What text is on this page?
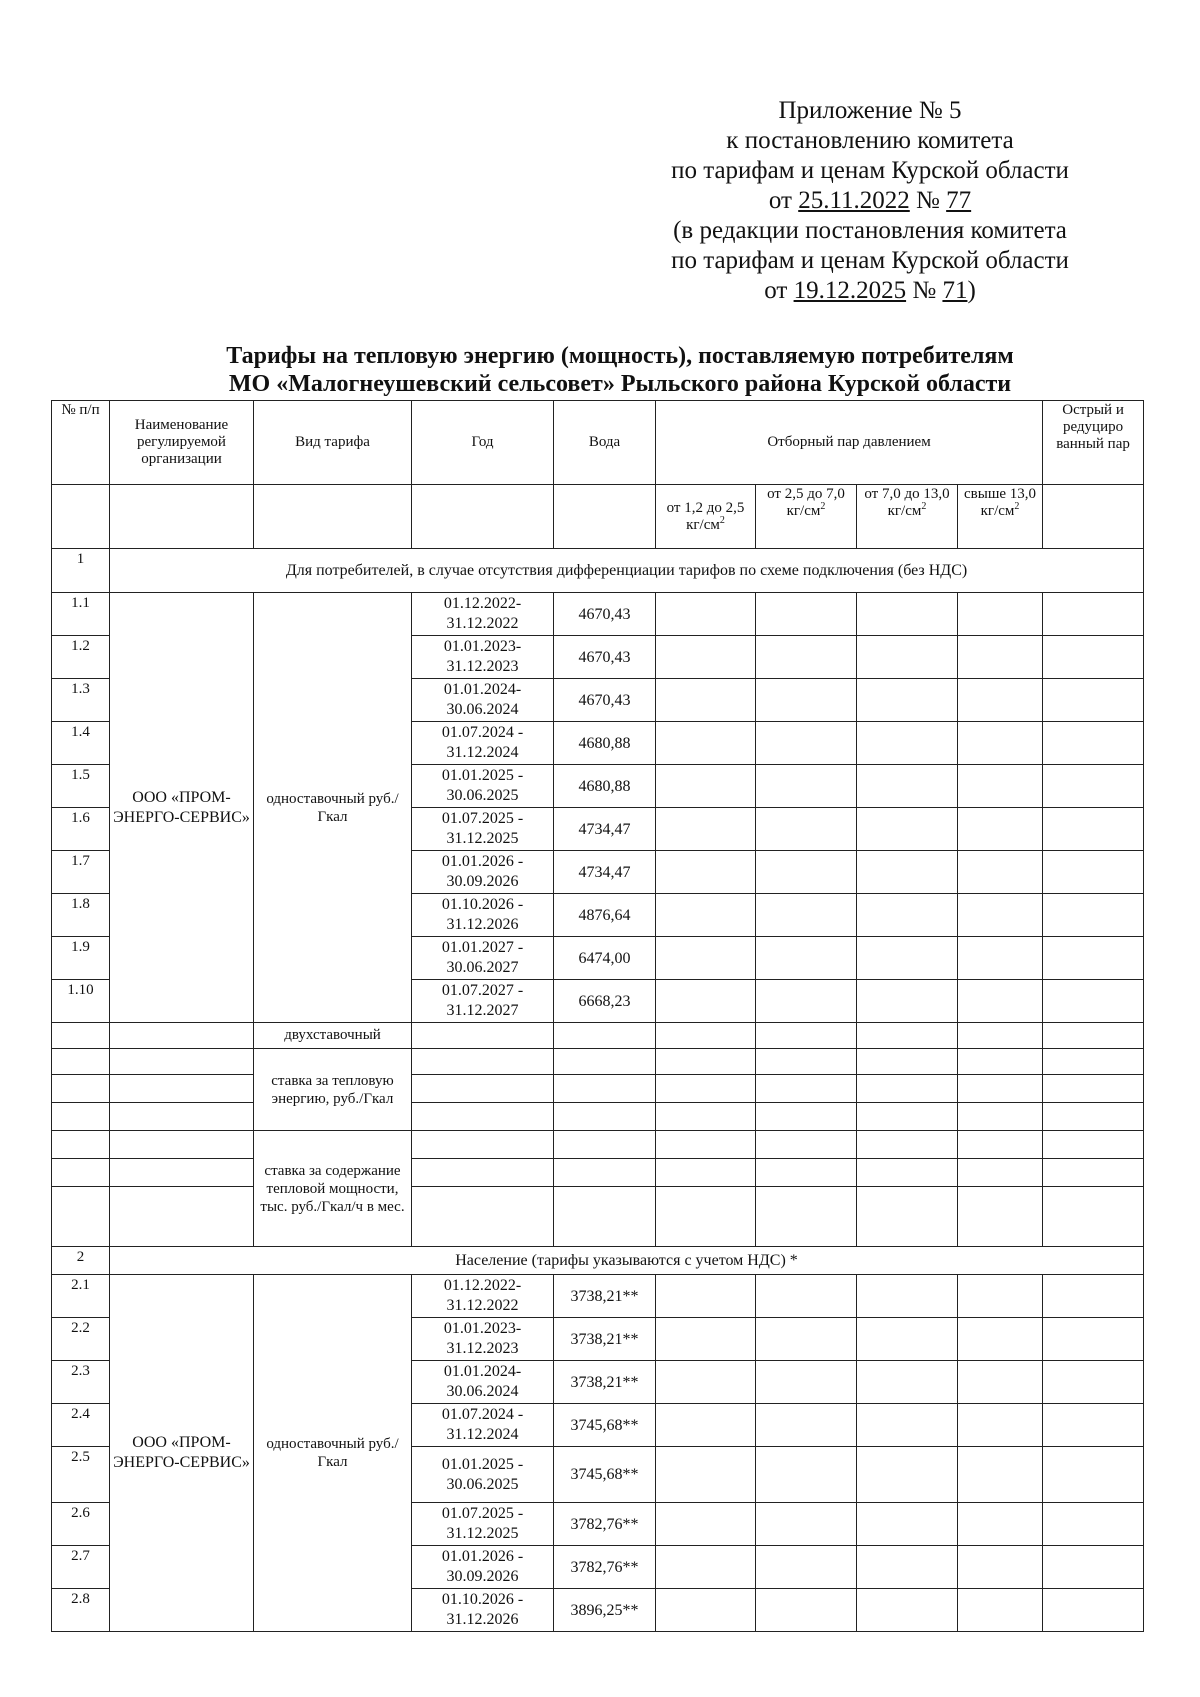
Приложение № 5
к постановлению комитета
по тарифам и ценам Курской области
от 25.11.2022 № 77
(в редакции постановления комитета
по тарифам и ценам Курской области
от 19.12.2025 № 71)
Тарифы на тепловую энергию (мощность), поставляемую потребителям
МО «Малогнеушевский сельсовет» Рыльского района Курской области
№ п/п	Наименование регулируемой организации	Вид тарифа	Год	Вода	Отборный пар давлением				Острый и редуциро ванный пар
					от 1,2 до 2,5 $кг/см^2$	от 2,5 до 7,0 $кг/см^2$	от 7,0 до 13,0 $кг/см^2$	свыше 13,0 $кг/см^2$	
1	Для потребителей, в случае отсутствия дифференциации тарифов по схеме подключения (без НДС)								
1.1	ООО «ПРОМ-ЭНЕРГО-СЕРВИС»	одноставочный руб./Гкал	01.12.2022-31.12.2022	4670,43					
1.2			01.01.2023-31.12.2023	4670,43					
1.3			01.01.2024-30.06.2024	4670,43					
1.4			01.07.2024 - 31.12.2024	4680,88					
1.5			01.01.2025 - 30.06.2025	4680,88					
1.6			01.07.2025 - 31.12.2025	4734,47					
1.7			01.01.2026 - 30.09.2026	4734,47					
1.8			01.10.2026 - 31.12.2026	4876,64					
1.9			01.01.2027 - 30.06.2027	6474,00					
1.10			01.07.2027 - 31.12.2027	6668,23					
		двухставочный							
		ставка за тепловую энергию, руб./Гкал							

		ставка за содержание тепловой мощности, тыс. руб./Гкал/ч в мес.							

2	Население (тарифы указываются с учетом НДС) *								
2.1	ООО «ПРОМ-ЭНЕРГО-СЕРВИС»	одноставочный руб./Гкал	01.12.2022-31.12.2022	3738,21**					
2.2			01.01.2023-31.12.2023	3738,21**					
2.3			01.01.2024-30.06.2024	3738,21**					
2.4			01.07.2024 - 31.12.2024	3745,68**					
2.5			01.01.2025 - 30.06.2025	3745,68**					
2.6			01.07.2025 - 31.12.2025	3782,76**					
2.7			01.01.2026 - 30.09.2026	3782,76**					
2.8			01.10.2026 - 31.12.2026	3896,25**					
